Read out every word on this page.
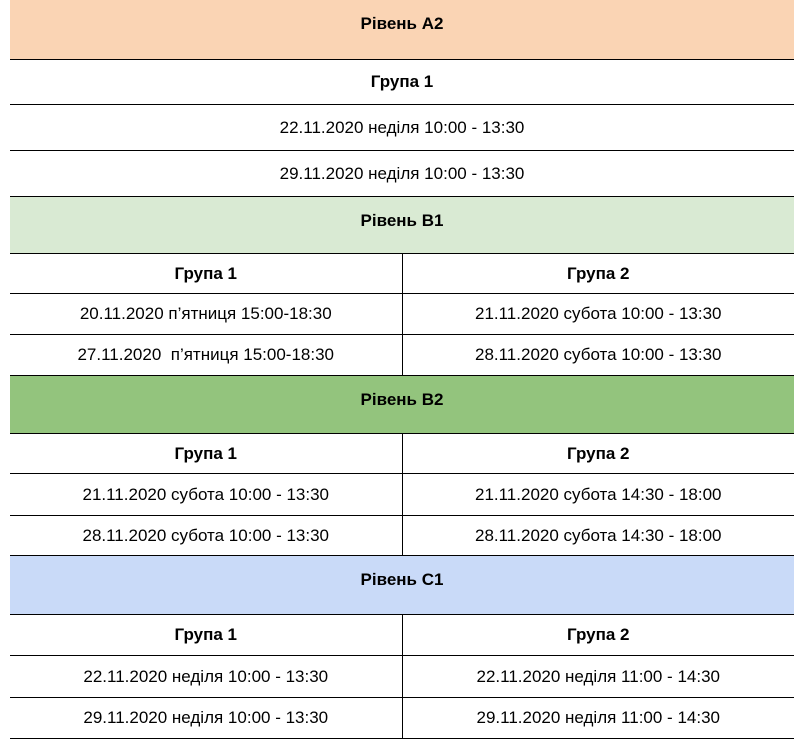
Рівень А2
Група 1
22.11.2020 неділя 10:00 - 13:30
29.11.2020 неділя 10:00 - 13:30
Рівень B1
Група 1	Група 2
20.11.2020 п’ятниця 15:00-18:30	21.11.2020 субота 10:00 - 13:30
27.11.2020  п’ятниця 15:00-18:30	28.11.2020 субота 10:00 - 13:30
Рівень B2
Група 1	Група 2
21.11.2020 субота 10:00 - 13:30	21.11.2020 субота 14:30 - 18:00
28.11.2020 субота 10:00 - 13:30	28.11.2020 субота 14:30 - 18:00
Рівень С1
Група 1	Група 2
22.11.2020 неділя 10:00 - 13:30	22.11.2020 неділя 11:00 - 14:30
29.11.2020 неділя 10:00 - 13:30	29.11.2020 неділя 11:00 - 14:30
